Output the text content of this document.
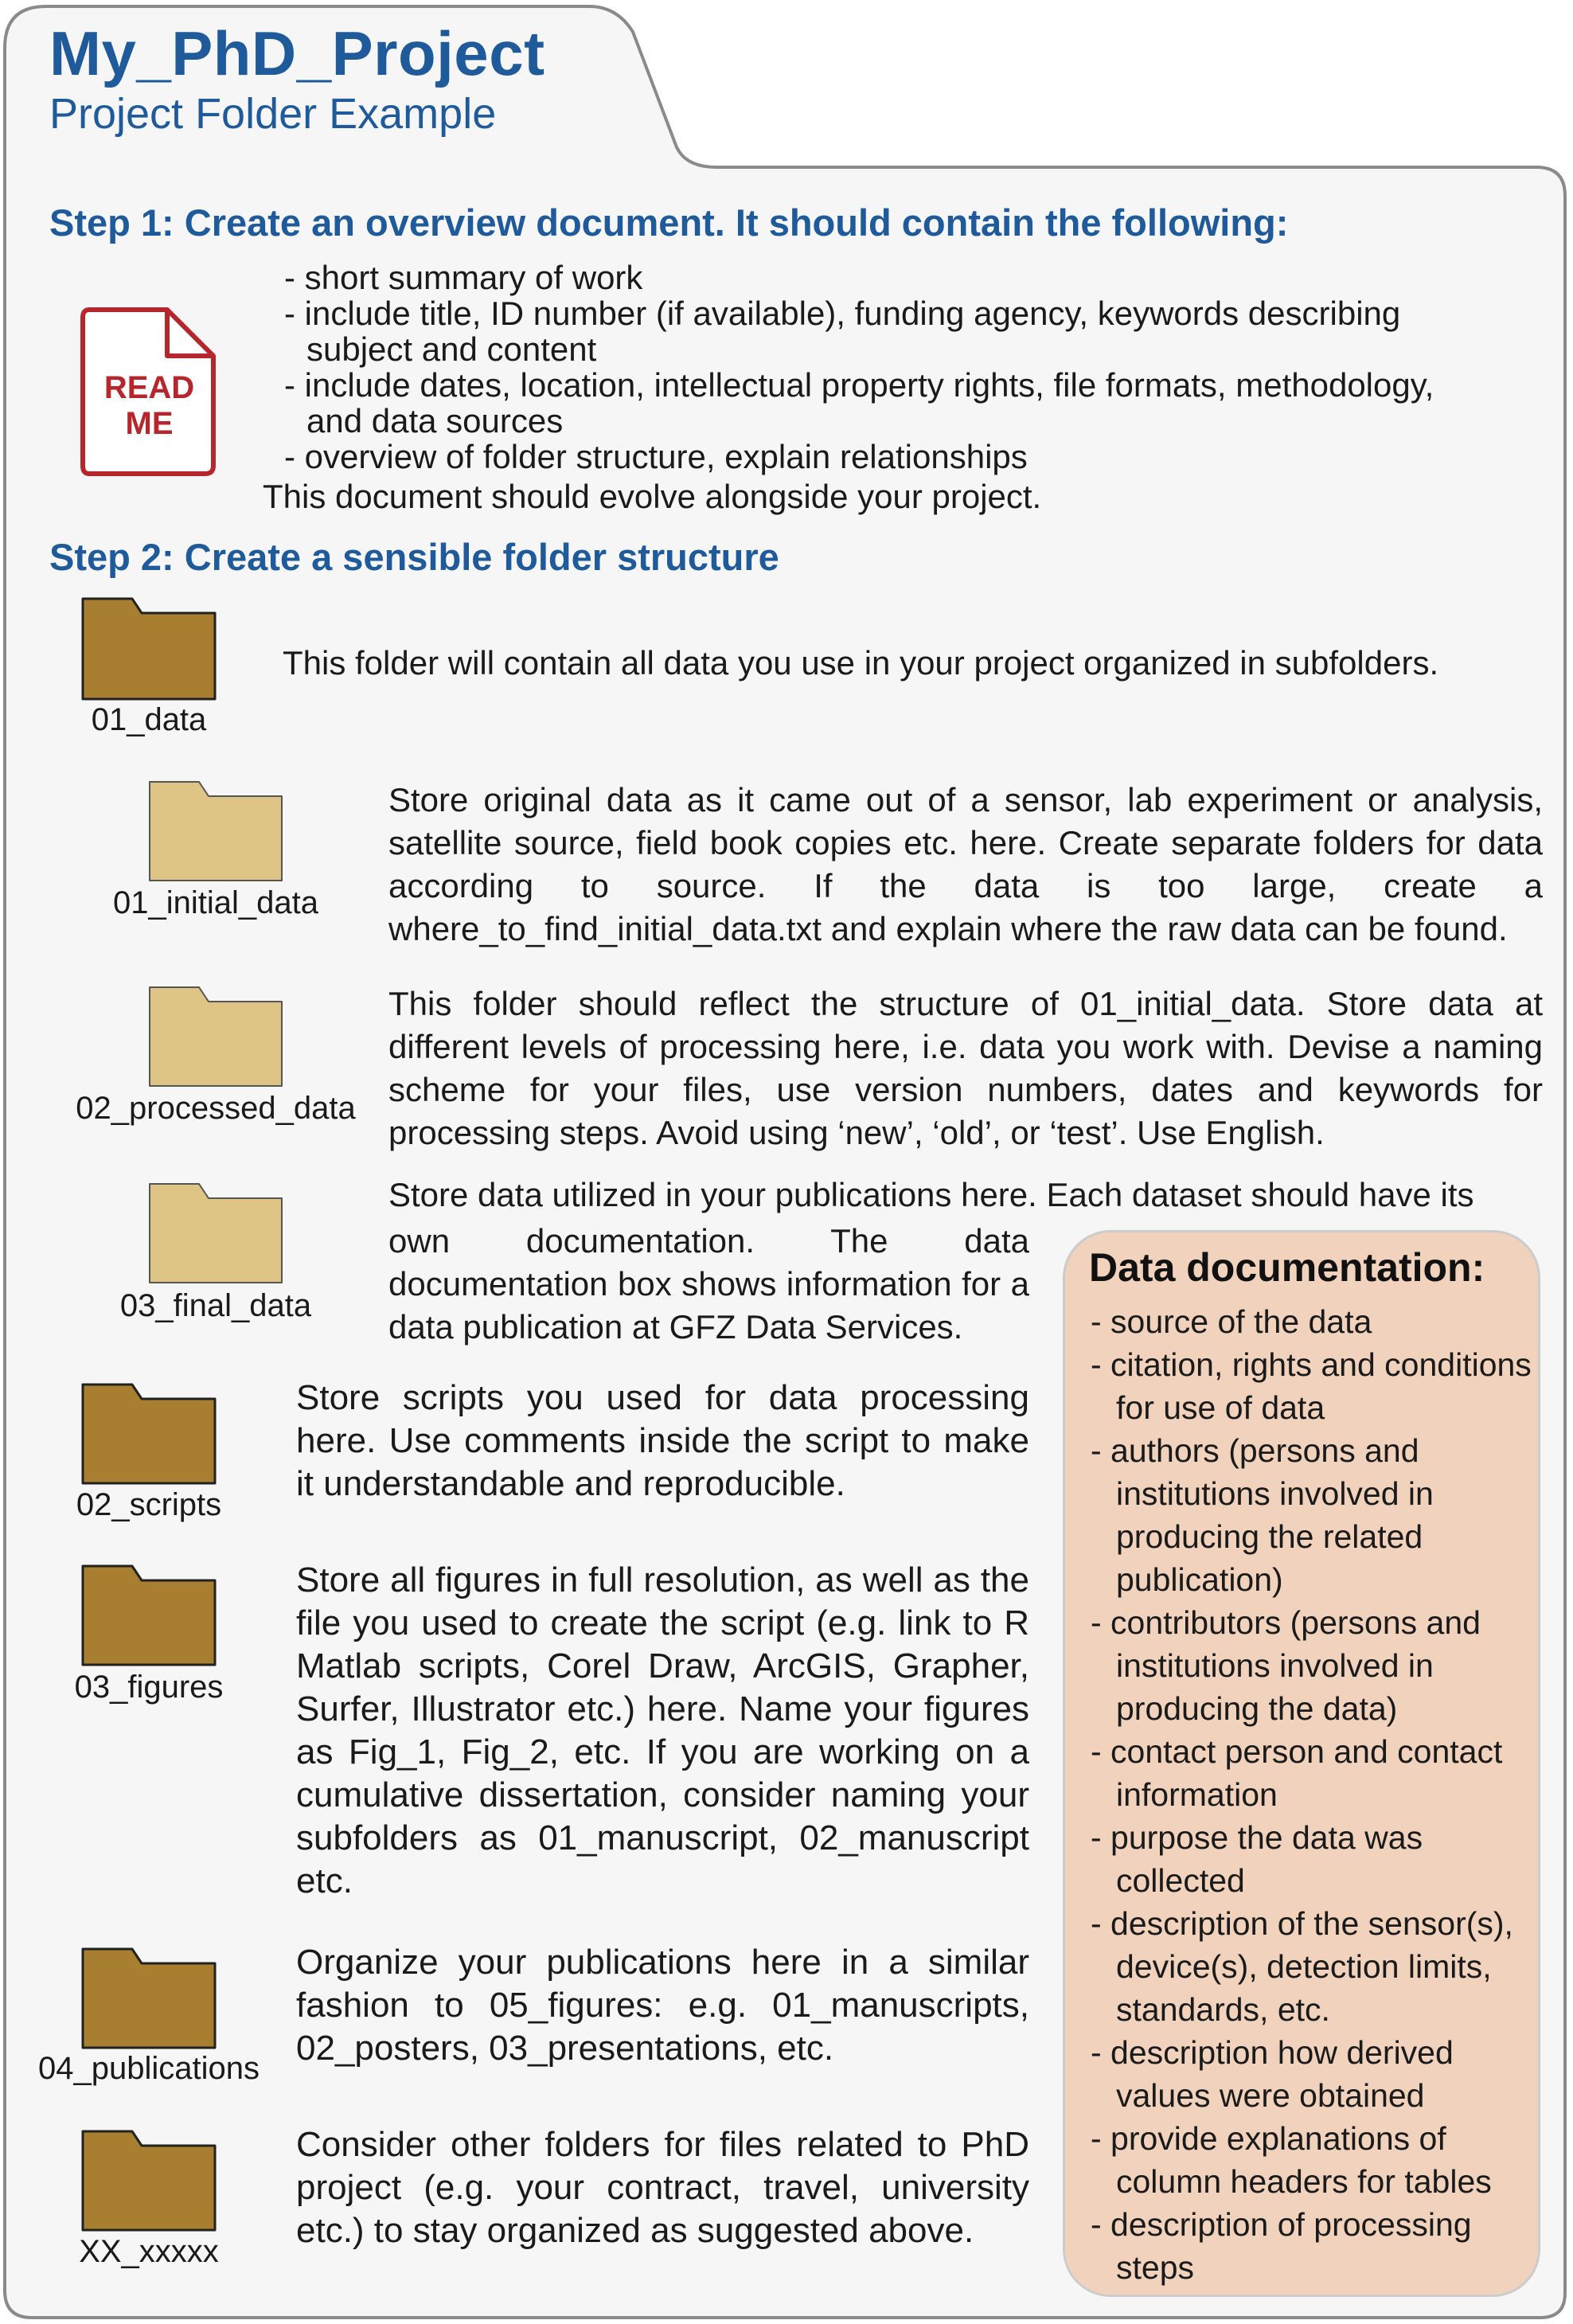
My_PhD_Project
Project Folder Example
Step 1: Create an overview document. It should contain the following:
READ
ME
- short summary of work
- include title, ID number (if available), funding agency, keywords describing subject and content
- include dates, location, intellectual property rights, file formats, methodology, and data sources
- overview of folder structure, explain relationships
This document should evolve alongside your project.
Step 2: Create a sensible folder structure
01_data
This folder will contain all data you use in your project organized in subfolders.
01_initial_data
Store original data as it came out of a sensor, lab experiment or analysis, satellite source, field book copies etc. here. Create separate folders for data according to source. If the data is too large, create a where_to_find_initial_data.txt and explain where the raw data can be found.
02_processed_data
This folder should reflect the structure of 01_initial_data. Store data at different levels of processing here, i.e. data you work with. Devise a naming scheme for your files, use version numbers, dates and keywords for processing steps. Avoid using ‘new’, ‘old’, or ‘test’. Use English.
03_final_data
Store data utilized in your publications here. Each dataset should have its
own documentation. The data documentation box shows information for a data publication at GFZ Data Services.
02_scripts
Store scripts you used for data processing here. Use comments inside the script to make it understandable and reproducible.
03_figures
Store all figures in full resolution, as well as the file you used to create the script (e.g. link to R Matlab scripts, Corel Draw, ArcGIS, Grapher, Surfer, Illustrator etc.) here. Name your figures as Fig_1, Fig_2, etc. If you are working on a cumulative dissertation, consider naming your subfolders as 01_manuscript, 02_manuscript etc.
04_publications
Organize your publications here in a similar fashion to 05_figures: e.g. 01_manuscripts, 02_posters, 03_presentations, etc.
XX_xxxxx
Consider other folders for files related to PhD project (e.g. your contract, travel, university etc.) to stay organized as suggested above.
Data documentation:
- source of the data
- citation, rights and conditions for use of data
- authors (persons and institutions involved in producing the related publication)
- contributors (persons and institutions involved in producing the data)
- contact person and contact information
- purpose the data was collected
- description of the sensor(s), device(s), detection limits, standards, etc.
- description how derived values were obtained
- provide explanations of column headers for tables
- description of processing steps
